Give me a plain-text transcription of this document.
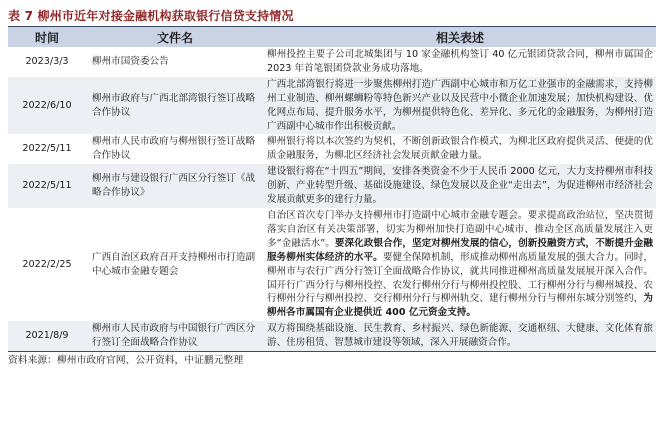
表 7 柳州市近年对接金融机构获取银行信贷支持情况
时间	文件名	相关表述
2023/3/3	柳州市国资委公告	柳州投控主要子公司北城集团与 10 家金融机构签订 40 亿元银团贷款合同，柳州市属国企 2023 年首笔银团贷款业务成功落地。
2022/6/10	柳州市政府与广西北部湾银行签订战略合作协议	广西北部湾银行将进一步聚焦柳州打造广西副中心城市和万亿工业强市的金融需求，支持柳州工业制造、柳州螺蛳粉等特色新兴产业以及民营中小微企业加速发展；加快机构建设、优化网点布局、提升服务水平，为柳州提供特色化、差异化、多元化的金融服务，为柳州打造广西副中心城市作出积极贡献。
2022/5/11	柳州市人民市政府与柳州银行签订战略合作协议	柳州银行将以本次签约为契机，不断创新政银合作模式，为柳北区政府提供灵活、便捷的优质金融服务，为柳北区经济社会发展贡献金融力量。
2022/5/11	柳州市与建设银行广西区分行签订《战略合作协议》	建设银行将在“十四五”期间，安排各类资金不少于人民币 2000 亿元，大力支持柳州市科技创新、产业转型升级、基础设施建设、绿色发展以及企业“走出去”，为促进柳州市经济社会发展贡献更多的建行力量。
2022/2/25	广西自治区政府召开支持柳州市打造副中心城市金融专题会	自治区首次专门举办支持柳州市打造副中心城市金融专题会。要求提高政治站位，坚决贯彻落实自治区有关决策部署，切实为柳州加快打造副中心城市、推动全区高质量发展注入更多“金融活水”。要深化政银合作，坚定对柳州发展的信心，创新投融资方式，不断提升金融服务柳州实体经济的水平。要健全保障机制，形成推动柳州高质量发展的强大合力。同时，柳州市与农行广西分行签订全面战略合作协议，就共同推进柳州高质量发展展开深入合作。国开行广西分行与柳州投控、农发行柳州分行与柳州投控股、工行柳州分行与柳州城投、农行柳州分行与柳州投控、交行柳州分行与柳州轨交、建行柳州分行与柳州东城分别签约，为柳州各市属国有企业提供近 400 亿元资金支持。
2021/8/9	柳州市人民市政府与中国银行广西区分行签订全面战略合作协议	双方将围绕基础设施、民生教育、乡村振兴、绿色新能源、交通枢纽、大健康、文化体育旅游、住房租赁、智慧城市建设等领域，深入开展融资合作。
资料来源：柳州市政府官网、公开资料，中证鹏元整理
